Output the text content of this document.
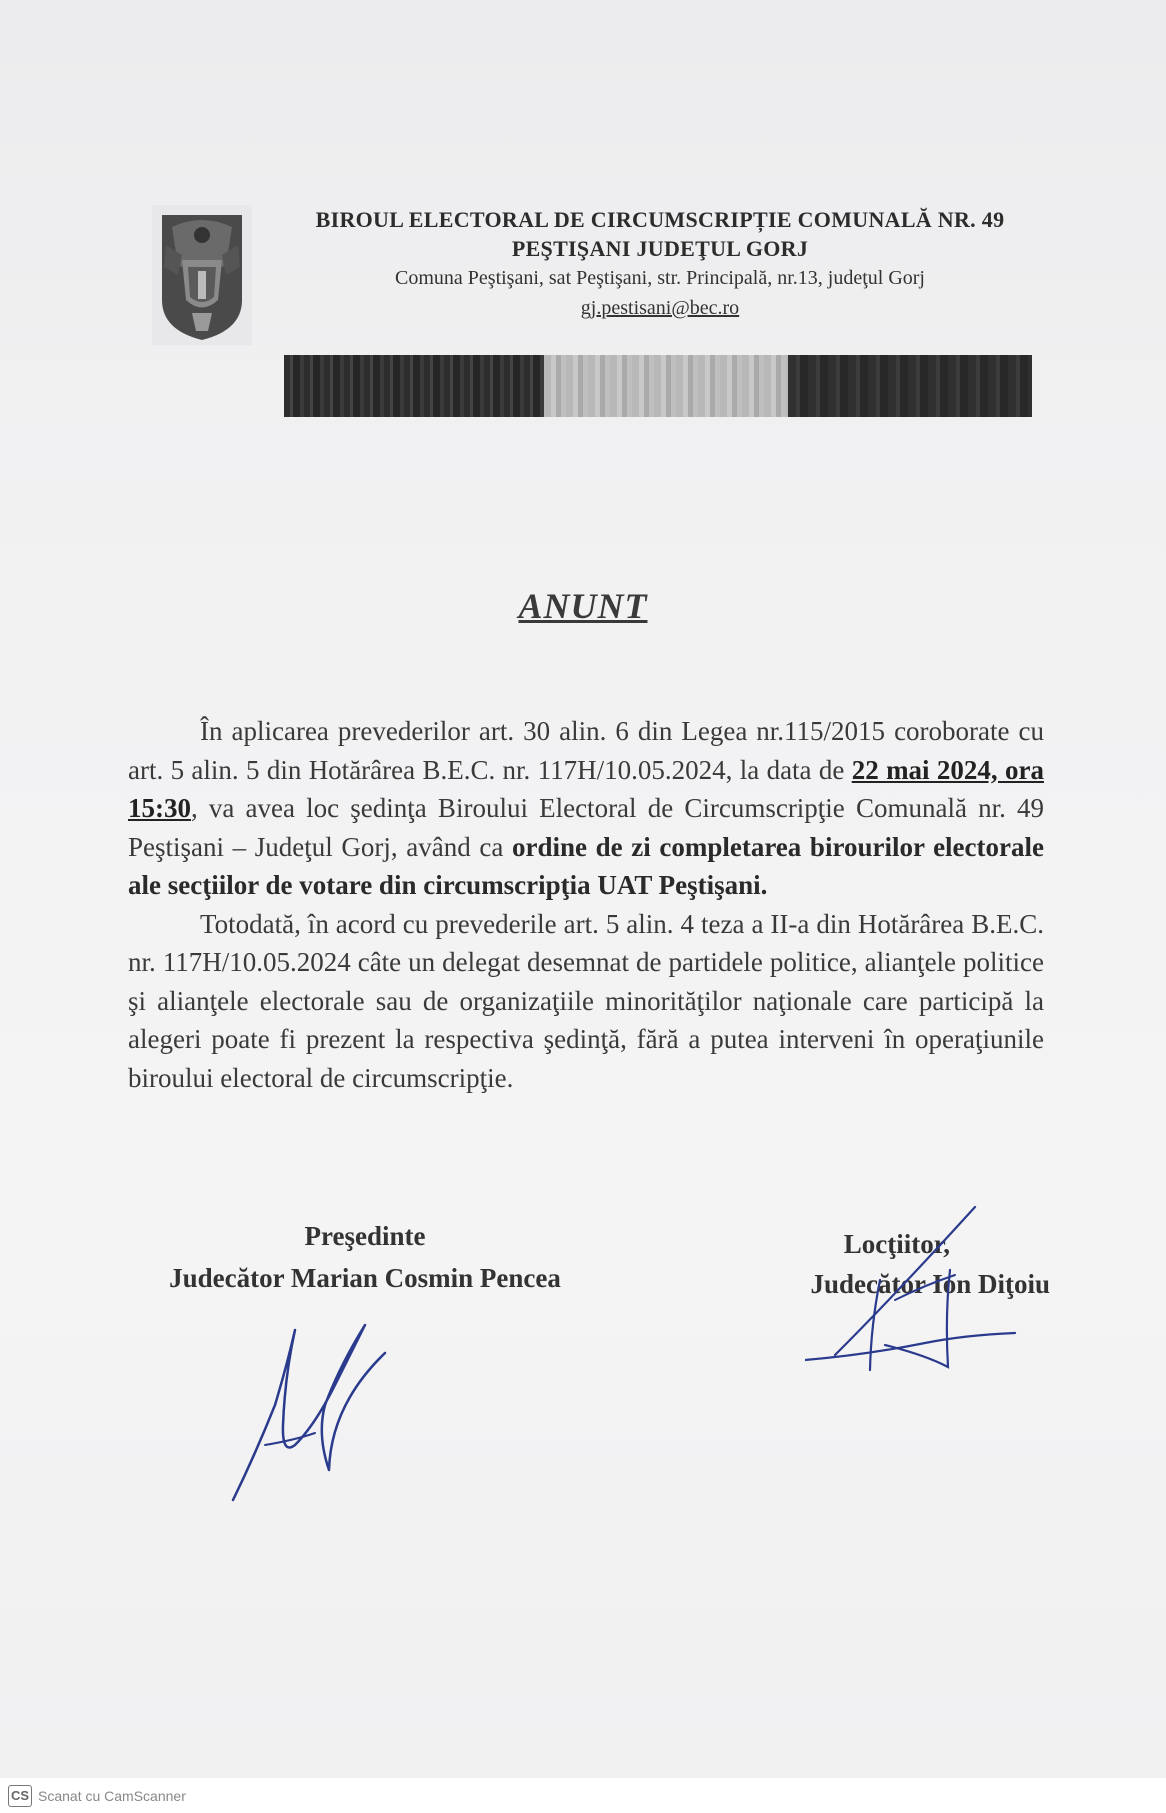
BIROUL ELECTORAL DE CIRCUMSCRIPȚIE COMUNALĂ NR. 49
PEŞTIŞANI JUDEŢUL GORJ
Comuna Peştişani, sat Peştişani, str. Principală, nr.13, judeţul Gorj
gj.pestisani@bec.ro
ANUNT

În aplicarea prevederilor art. 30 alin. 6 din Legea nr.115/2015 coroborate cu art. 5 alin. 5 din Hotărârea B.E.C. nr. 117H/10.05.2024, la data de 22 mai 2024, ora 15:30, va avea loc şedinţa Biroului Electoral de Circumscripţie Comunală nr. 49 Peştişani – Judeţul Gorj, având ca ordine de zi completarea birourilor electorale ale secţiilor de votare din circumscripţia UAT Peştişani.

Totodată, în acord cu prevederile art. 5 alin. 4 teza a II-a din Hotărârea B.E.C. nr. 117H/10.05.2024 câte un delegat desemnat de partidele politice, alianţele politice şi alianţele electorale sau de organizaţiile minorităţilor naţionale care participă la alegeri poate fi prezent la respectiva şedinţă, fără a putea interveni în operaţiunile biroului electoral de circumscripţie.

Preşedinte
Judecător Marian Cosmin Pencea
Locţiitor,
Judecător Ion Diţoiu
CS Scanat cu CamScanner
